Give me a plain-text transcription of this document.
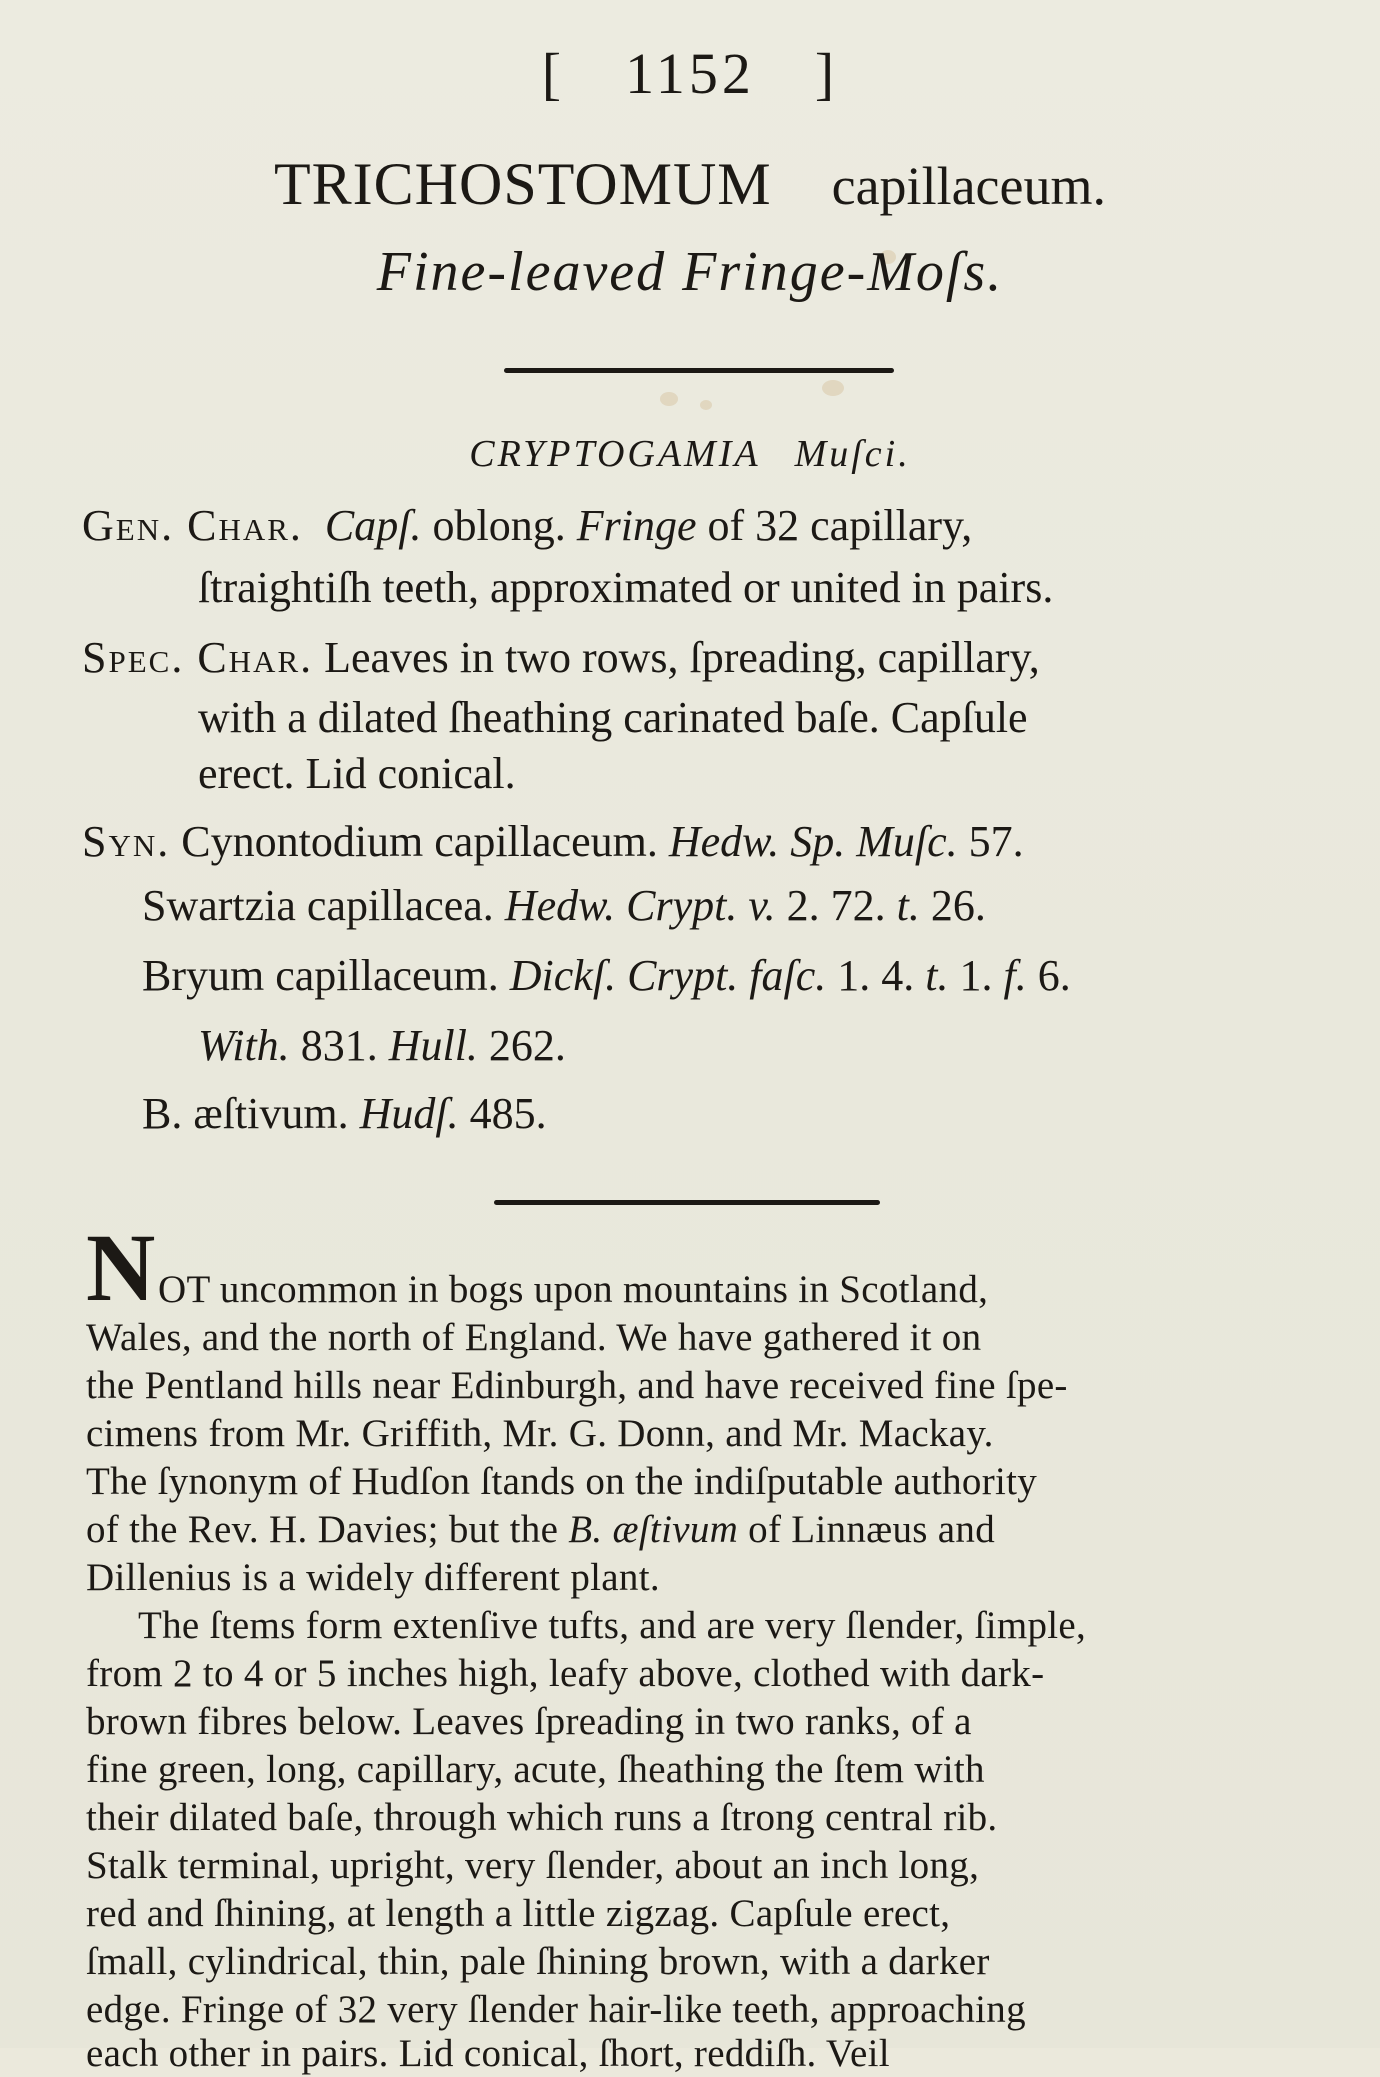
[ 1152 ]
TRICHOSTOMUM capillaceum.
Fine-leaved Fringe-Moſs.
CRYPTOGAMIA Muſci.
Gen. Char. Capſ. oblong. Fringe of 32 capillary,
ſtraightiſh teeth, approximated or united in pairs.
Spec. Char. Leaves in two rows, ſpreading, capillary,
with a dilated ſheathing carinated baſe. Capſule
erect. Lid conical.
Syn. Cynontodium capillaceum. Hedw. Sp. Muſc. 57.
Swartzia capillacea. Hedw. Crypt. v. 2. 72. t. 26.
Bryum capillaceum. Dickſ. Crypt. faſc. 1. 4. t. 1. f. 6.
With. 831. Hull. 262.
B. æſtivum. Hudſ. 485.
N OT uncommon in bogs upon mountains in Scotland,
Wales, and the north of England. We have gathered it on
the Pentland hills near Edinburgh, and have received fine ſpe-
cimens from Mr. Griffith, Mr. G. Donn, and Mr. Mackay.
The ſynonym of Hudſon ſtands on the indiſputable authority
of the Rev. H. Davies; but the B. æſtivum of Linnæus and
Dillenius is a widely different plant.
The ſtems form extenſive tufts, and are very ſlender, ſimple,
from 2 to 4 or 5 inches high, leafy above, clothed with dark-
brown fibres below. Leaves ſpreading in two ranks, of a
fine green, long, capillary, acute, ſheathing the ſtem with
their dilated baſe, through which runs a ſtrong central rib.
Stalk terminal, upright, very ſlender, about an inch long,
red and ſhining, at length a little zigzag. Capſule erect,
ſmall, cylindrical, thin, pale ſhining brown, with a darker
edge. Fringe of 32 very ſlender hair-like teeth, approaching
each other in pairs. Lid conical, ſhort, reddiſh. Veil
